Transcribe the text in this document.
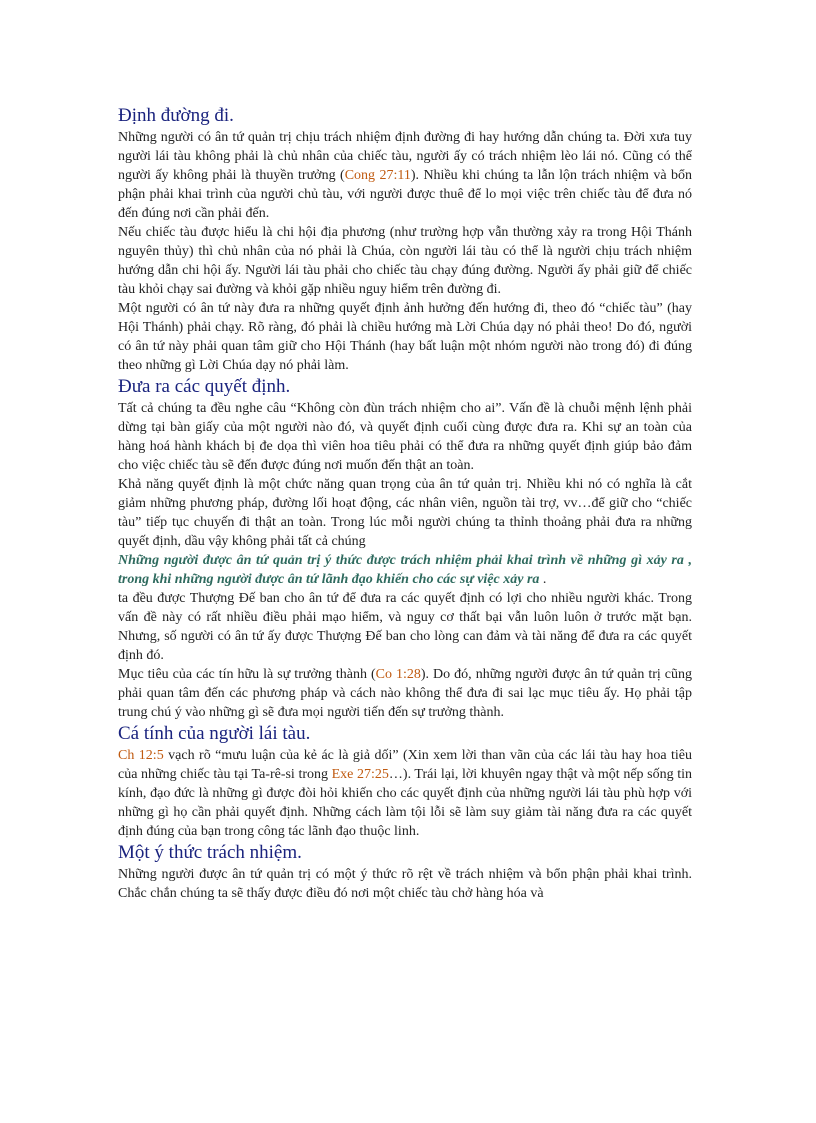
Định đường đi.

Những người có ân tứ quản trị chịu trách nhiệm định đường đi hay hướng dẫn chúng ta. Đời xưa tuy người lái tàu không phải là chủ nhân của chiếc tàu, người ấy có trách nhiệm lèo lái nó. Cũng có thể người ấy không phải là thuyền trưởng (Cong 27:11). Nhiều khi chúng ta lẫn lộn trách nhiệm và bổn phận phải khai trình của người chủ tàu, với người được thuê để lo mọi việc trên chiếc tàu để đưa nó đến đúng nơi cần phải đến.

Nếu chiếc tàu được hiểu là chi hội địa phương (như trường hợp vẫn thường xảy ra trong Hội Thánh nguyên thủy) thì chủ nhân của nó phải là Chúa, còn người lái tàu có thể là người chịu trách nhiệm hướng dẫn chi hội ấy. Người lái tàu phải cho chiếc tàu chạy đúng đường. Người ấy phải giữ để chiếc tàu khỏi chạy sai đường và khỏi gặp nhiều nguy hiểm trên đường đi.

Một người có ân tứ này đưa ra những quyết định ảnh hưởng đến hướng đi, theo đó “chiếc tàu” (hay Hội Thánh) phải chạy. Rõ ràng, đó phải là chiều hướng mà Lời Chúa dạy nó phải theo! Do đó, người có ân tứ này phải quan tâm giữ cho Hội Thánh (hay bất luận một nhóm người nào trong đó) đi đúng theo những gì Lời Chúa dạy nó phải làm.

Đưa ra các quyết định.

Tất cả chúng ta đều nghe câu “Không còn đùn trách nhiệm cho ai”. Vấn đề là chuỗi mệnh lệnh phải dừng tại bàn giấy của một người nào đó, và quyết định cuối cùng được đưa ra. Khi sự an toàn của hàng hoá hành khách bị đe dọa thì viên hoa tiêu phải có thể đưa ra những quyết định giúp bảo đảm cho việc chiếc tàu sẽ đến được đúng nơi muốn đến thật an toàn.

Khả năng quyết định là một chức năng quan trọng của ân tứ quản trị. Nhiều khi nó có nghĩa là cắt giảm những phương pháp, đường lối hoạt động, các nhân viên, nguồn tài trợ, vv…để giữ cho “chiếc tàu” tiếp tục chuyến đi thật an toàn. Trong lúc mỗi người chúng ta thỉnh thoảng phải đưa ra những quyết định, dầu vậy không phải tất cả chúng

Những người được ân tứ quản trị ý thức được trách nhiệm phải khai trình về những gì xảy ra , trong khi những người được ân tứ lãnh đạo khiến cho các sự việc xảy ra .

ta đều được Thượng Đế ban cho ân tứ để đưa ra các quyết định có lợi cho nhiều người khác. Trong vấn đề này có rất nhiều điều phải mạo hiểm, và nguy cơ thất bại vẫn luôn luôn ở trước mặt bạn. Nhưng, số người có ân tứ ấy được Thượng Đế ban cho lòng can đảm và tài năng để đưa ra các quyết định đó.

Mục tiêu của các tín hữu là sự trưởng thành (Co 1:28). Do đó, những người được ân tứ quản trị cũng phải quan tâm đến các phương pháp và cách nào không thể đưa đi sai lạc mục tiêu ấy. Họ phải tập trung chú ý vào những gì sẽ đưa mọi người tiến đến sự trưởng thành.

Cá tính của người lái tàu.

Ch 12:5 vạch rõ “mưu luận của kẻ ác là giả dối” (Xin xem lời than vãn của các lái tàu hay hoa tiêu của những chiếc tàu tại Ta-rê-si trong Exe 27:25…). Trái lại, lời khuyên ngay thật và một nếp sống tin kính, đạo đức là những gì được đòi hỏi khiến cho các quyết định của những người lái tàu phù hợp với những gì họ cần phải quyết định. Những cách làm tội lỗi sẽ làm suy giảm tài năng đưa ra các quyết định đúng của bạn trong công tác lãnh đạo thuộc linh.

Một ý thức trách nhiệm.

Những người được ân tứ quản trị có một ý thức rõ rệt về trách nhiệm và bổn phận phải khai trình. Chắc chắn chúng ta sẽ thấy được điều đó nơi một chiếc tàu chở hàng hóa và
